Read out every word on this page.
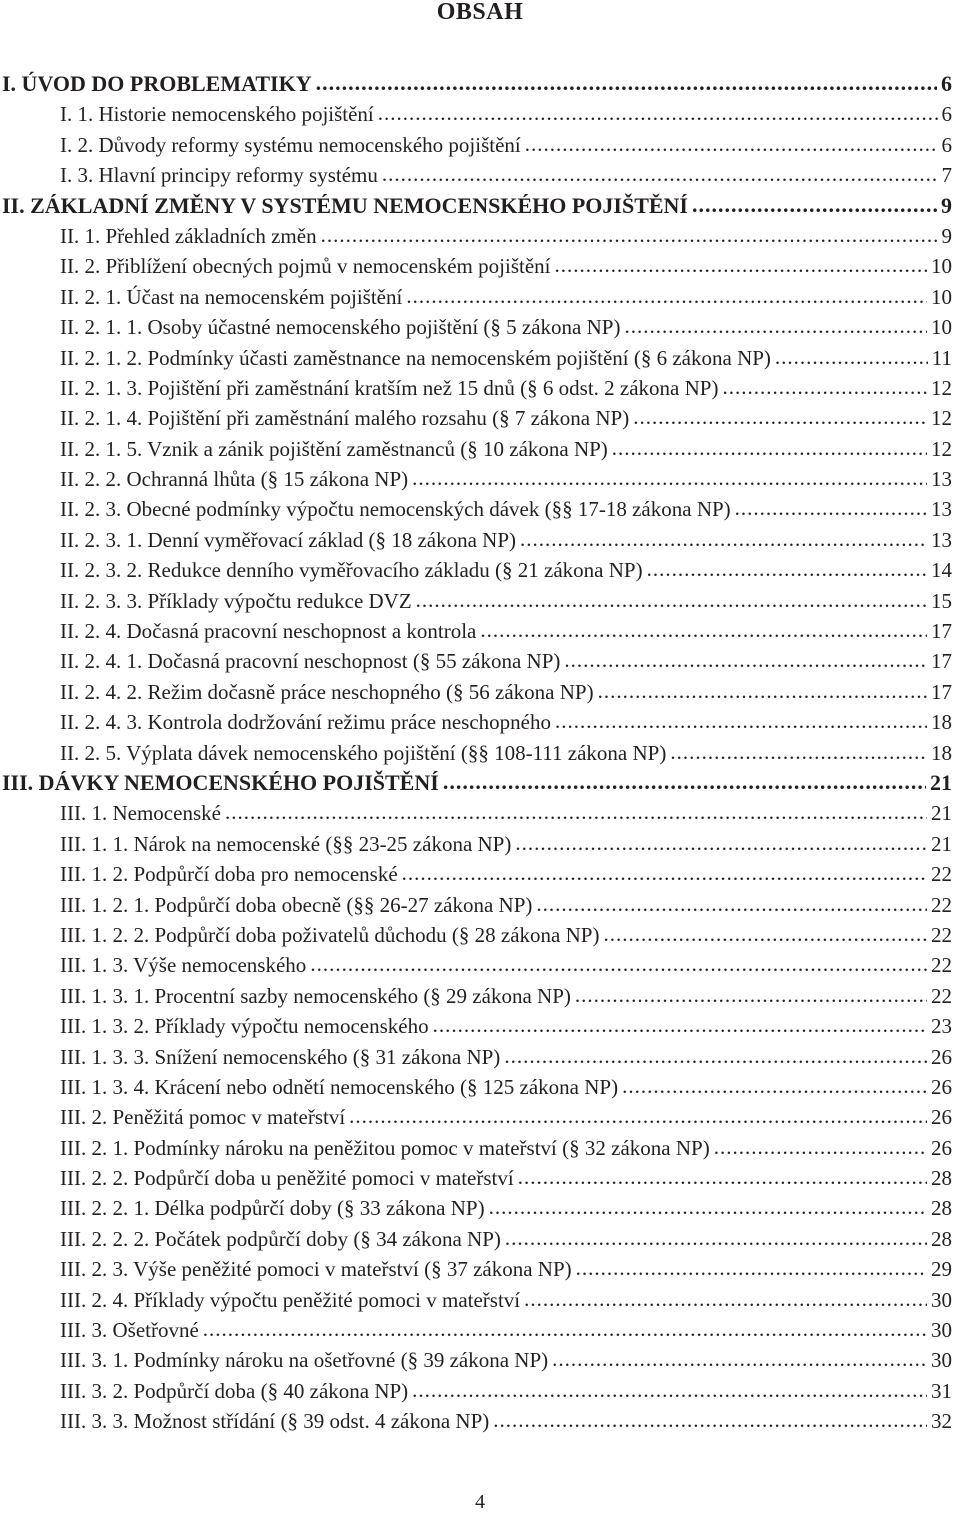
OBSAH
I. ÚVOD DO PROBLEMATIKY .....	6
I. 1. Historie nemocenského pojištění .....	6
I. 2. Důvody reformy systému nemocenského pojištění .....	6
I. 3. Hlavní principy reformy systému .....	7
II. ZÁKLADNÍ ZMĚNY V SYSTÉMU NEMOCENSKÉHO POJIŠTĚNÍ .....	9
II. 1. Přehled základních změn .....	9
II. 2. Přiblížení obecných pojmů v nemocenském pojištění .....	10
II. 2. 1. Účast na nemocenském pojištění .....	10
II. 2. 1. 1. Osoby účastné nemocenského pojištění (§ 5 zákona NP) .....	10
II. 2. 1. 2. Podmínky účasti zaměstnance na nemocenském pojištění (§ 6 zákona NP) .....	11
II. 2. 1. 3. Pojištění při zaměstnání kratším než 15 dnů (§ 6 odst. 2 zákona NP) .....	12
II. 2. 1. 4. Pojištění při zaměstnání malého rozsahu (§ 7 zákona NP) .....	12
II. 2. 1. 5. Vznik a zánik pojištění zaměstnanců (§ 10 zákona NP) .....	12
II. 2. 2. Ochranná lhůta (§ 15 zákona NP) .....	13
II. 2. 3. Obecné podmínky výpočtu nemocenských dávek (§§ 17-18 zákona NP) .....	13
II. 2. 3. 1. Denní vyměřovací základ (§ 18 zákona NP) .....	13
II. 2. 3. 2. Redukce denního vyměřovacího základu (§ 21 zákona NP) .....	14
II. 2. 3. 3. Příklady výpočtu redukce DVZ .....	15
II. 2. 4. Dočasná pracovní neschopnost a kontrola .....	17
II. 2. 4. 1. Dočasná pracovní neschopnost (§ 55 zákona NP) .....	17
II. 2. 4. 2. Režim dočasně práce neschopného (§ 56 zákona NP) .....	17
II. 2. 4. 3. Kontrola dodržování režimu práce neschopného .....	18
II. 2. 5. Výplata dávek nemocenského pojištění (§§ 108-111 zákona NP) .....	18
III. DÁVKY NEMOCENSKÉHO POJIŠTĚNÍ .....	21
III. 1. Nemocenské .....	21
III. 1. 1. Nárok na nemocenské (§§ 23-25 zákona NP) .....	21
III. 1. 2. Podpůrčí doba pro nemocenské .....	22
III. 1. 2. 1. Podpůrčí doba obecně (§§ 26-27 zákona NP) .....	22
III. 1. 2. 2. Podpůrčí doba poživatelů důchodu (§ 28 zákona NP) .....	22
III. 1. 3. Výše nemocenského .....	22
III. 1. 3. 1. Procentní sazby nemocenského (§ 29 zákona NP) .....	22
III. 1. 3. 2. Příklady výpočtu nemocenského .....	23
III. 1. 3. 3. Snížení nemocenského (§ 31 zákona NP) .....	26
III. 1. 3. 4. Krácení nebo odnětí nemocenského (§ 125 zákona NP) .....	26
III. 2. Peněžitá pomoc v mateřství .....	26
III. 2. 1. Podmínky nároku na peněžitou pomoc v mateřství (§ 32 zákona NP) .....	26
III. 2. 2. Podpůrčí doba u peněžité pomoci v mateřství .....	28
III. 2. 2. 1. Délka podpůrčí doby (§ 33 zákona NP) .....	28
III. 2. 2. 2. Počátek podpůrčí doby (§ 34 zákona NP) .....	28
III. 2. 3. Výše peněžité pomoci v mateřství (§ 37 zákona NP) .....	29
III. 2. 4. Příklady výpočtu peněžité pomoci v mateřství .....	30
III. 3. Ošetřovné .....	30
III. 3. 1. Podmínky nároku na ošetřovné (§ 39 zákona NP) .....	30
III. 3. 2. Podpůrčí doba (§ 40 zákona NP) .....	31
III. 3. 3. Možnost střídání (§ 39 odst. 4 zákona NP) .....	32
4
